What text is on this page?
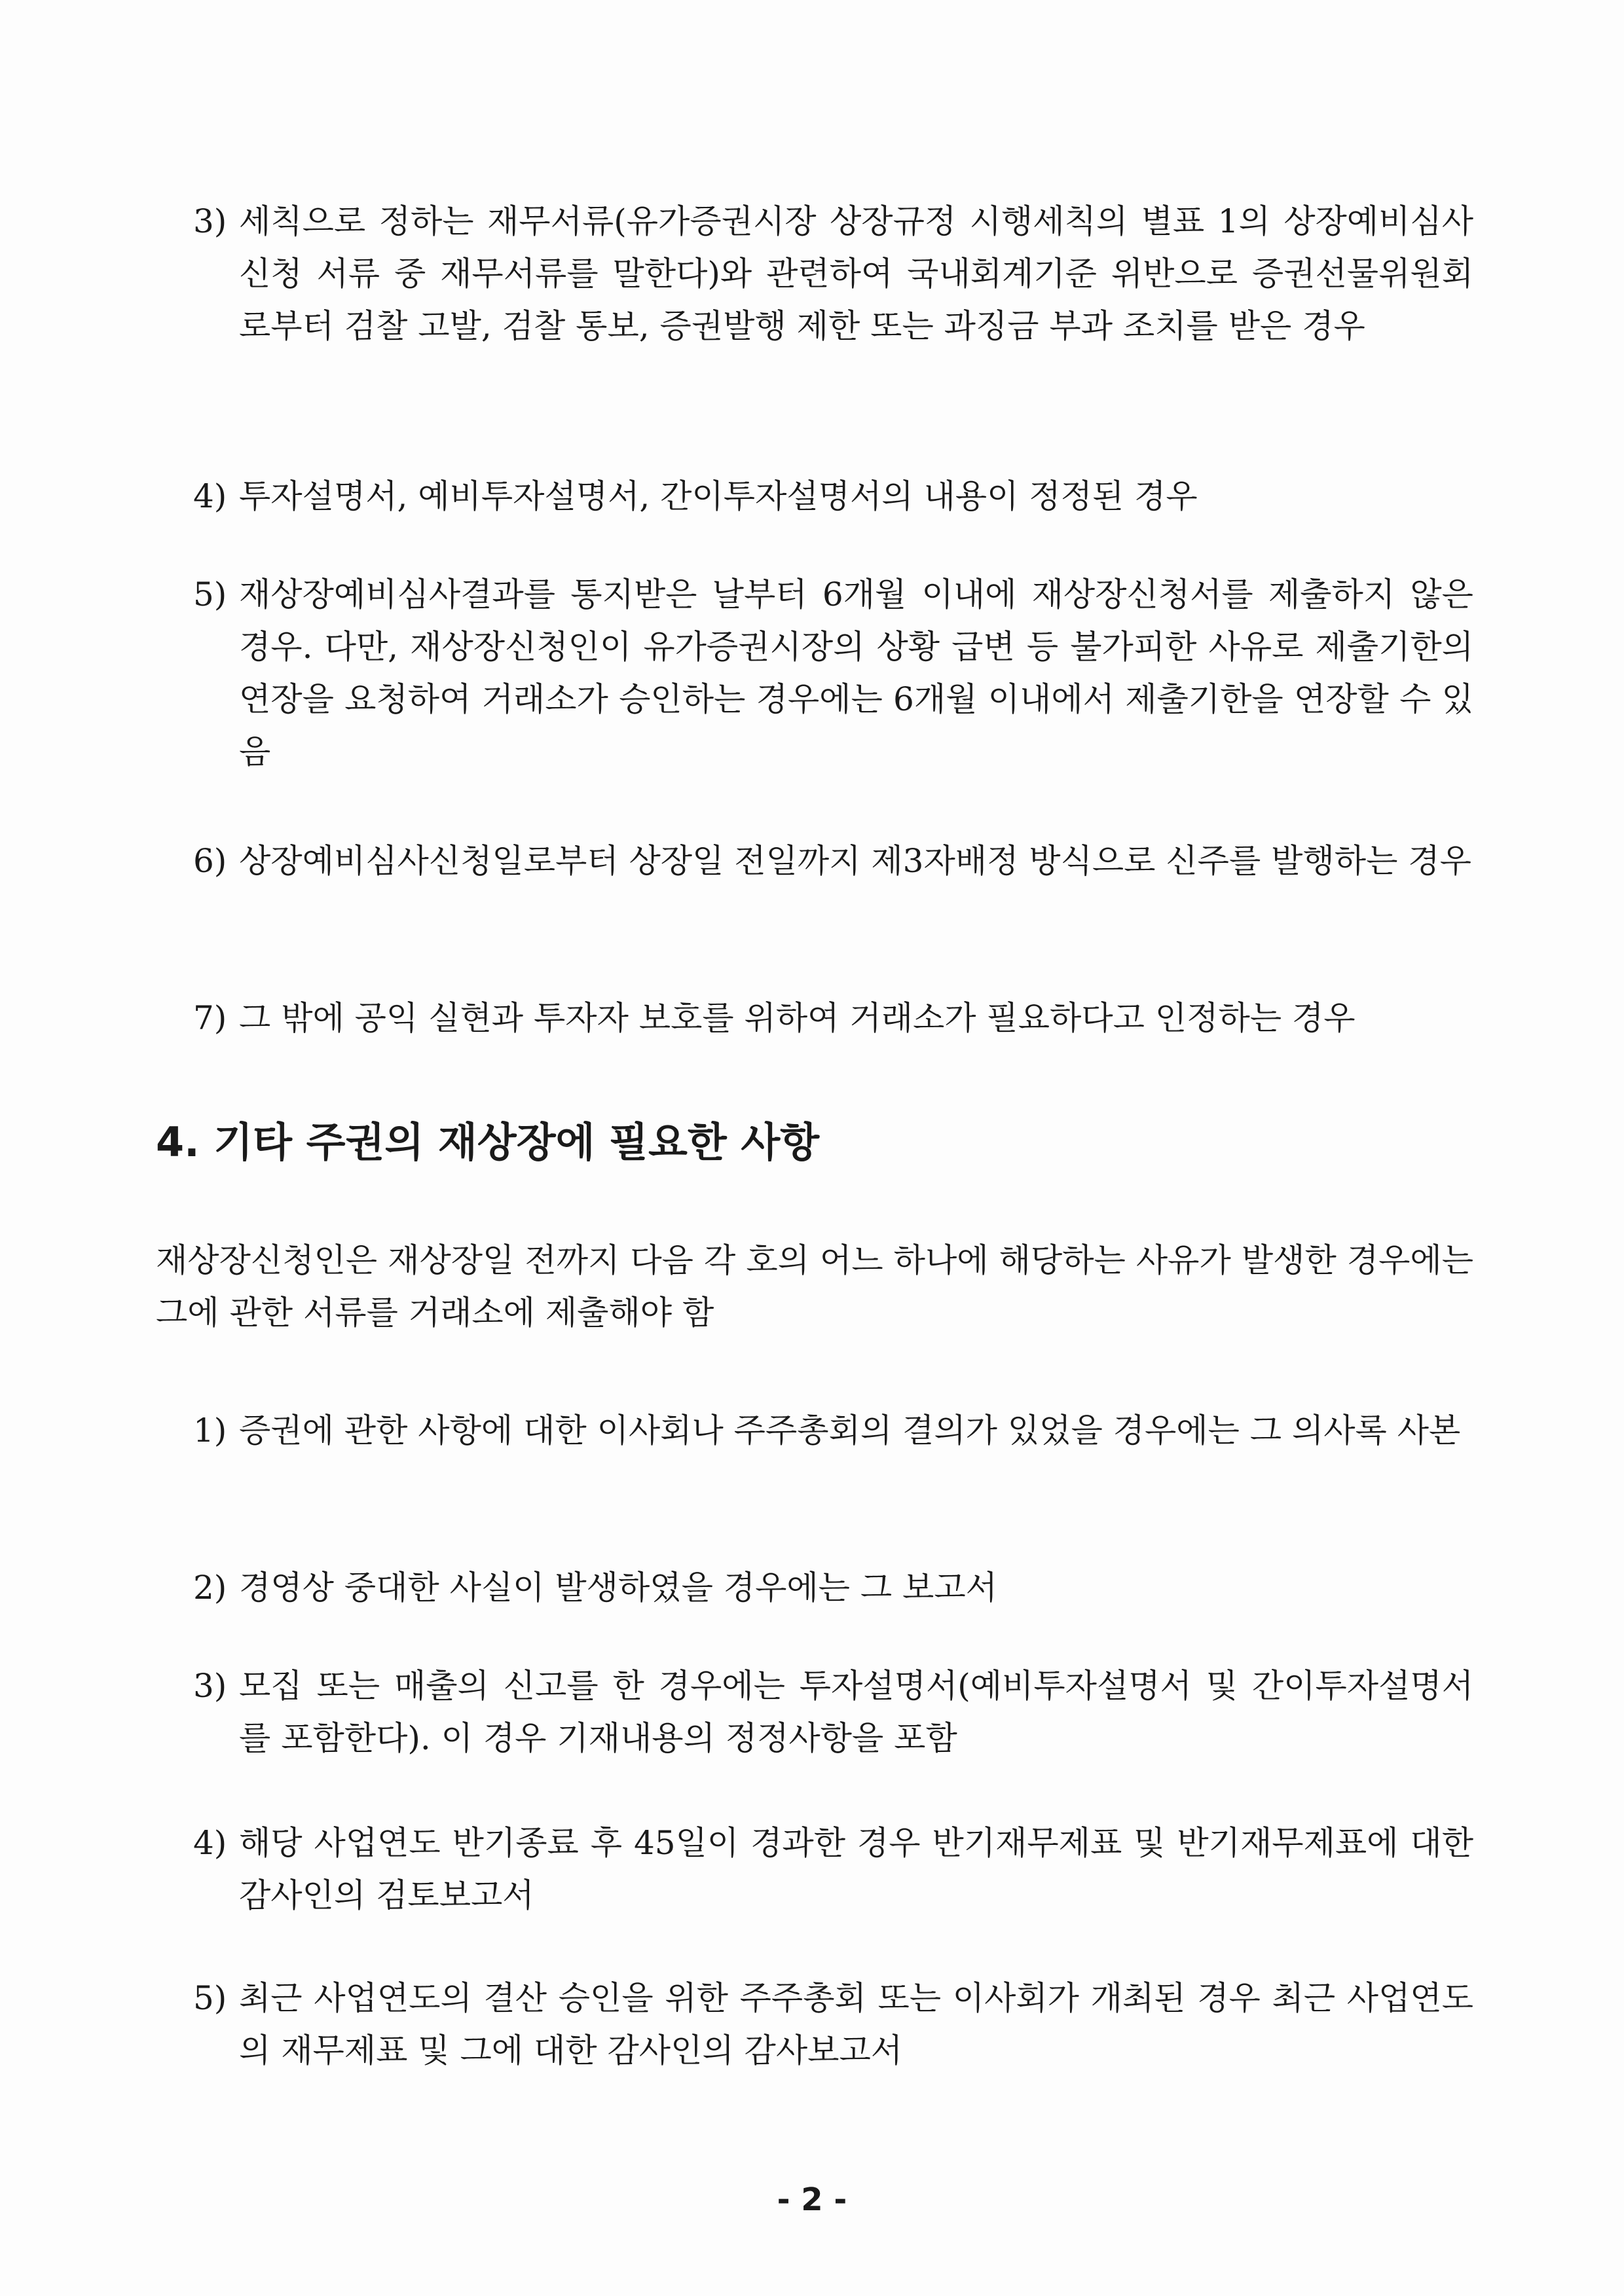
3) 세칙으로 정하는 재무서류(유가증권시장 상장규정 시행세칙의 별표 1의 상장예비심사 신청 서류 중 재무서류를 말한다)와 관련하여 국내회계기준 위반으로 증권선물위원회로부터 검찰 고발, 검찰 통보, 증권발행 제한 또는 과징금 부과 조치를 받은 경우
4) 투자설명서, 예비투자설명서, 간이투자설명서의 내용이 정정된 경우
5) 재상장예비심사결과를 통지받은 날부터 6개월 이내에 재상장신청서를 제출하지 않은 경우. 다만, 재상장신청인이 유가증권시장의 상황 급변 등 불가피한 사유로 제출기한의 연장을 요청하여 거래소가 승인하는 경우에는 6개월 이내에서 제출기한을 연장할 수 있음
6) 상장예비심사신청일로부터 상장일 전일까지 제3자배정 방식으로 신주를 발행하는 경우
7) 그 밖에 공익 실현과 투자자 보호를 위하여 거래소가 필요하다고 인정하는 경우
4. 기타 주권의 재상장에 필요한 사항
재상장신청인은 재상장일 전까지 다음 각 호의 어느 하나에 해당하는 사유가 발생한 경우에는 그에 관한 서류를 거래소에 제출해야 함
1) 증권에 관한 사항에 대한 이사회나 주주총회의 결의가 있었을 경우에는 그 의사록 사본
2) 경영상 중대한 사실이 발생하였을 경우에는 그 보고서
3) 모집 또는 매출의 신고를 한 경우에는 투자설명서(예비투자설명서 및 간이투자설명서를 포함한다). 이 경우 기재내용의 정정사항을 포함
4) 해당 사업연도 반기종료 후 45일이 경과한 경우 반기재무제표 및 반기재무제표에 대한 감사인의 검토보고서
5) 최근 사업연도의 결산 승인을 위한 주주총회 또는 이사회가 개최된 경우 최근 사업연도의 재무제표 및 그에 대한 감사인의 감사보고서
- 2 -
